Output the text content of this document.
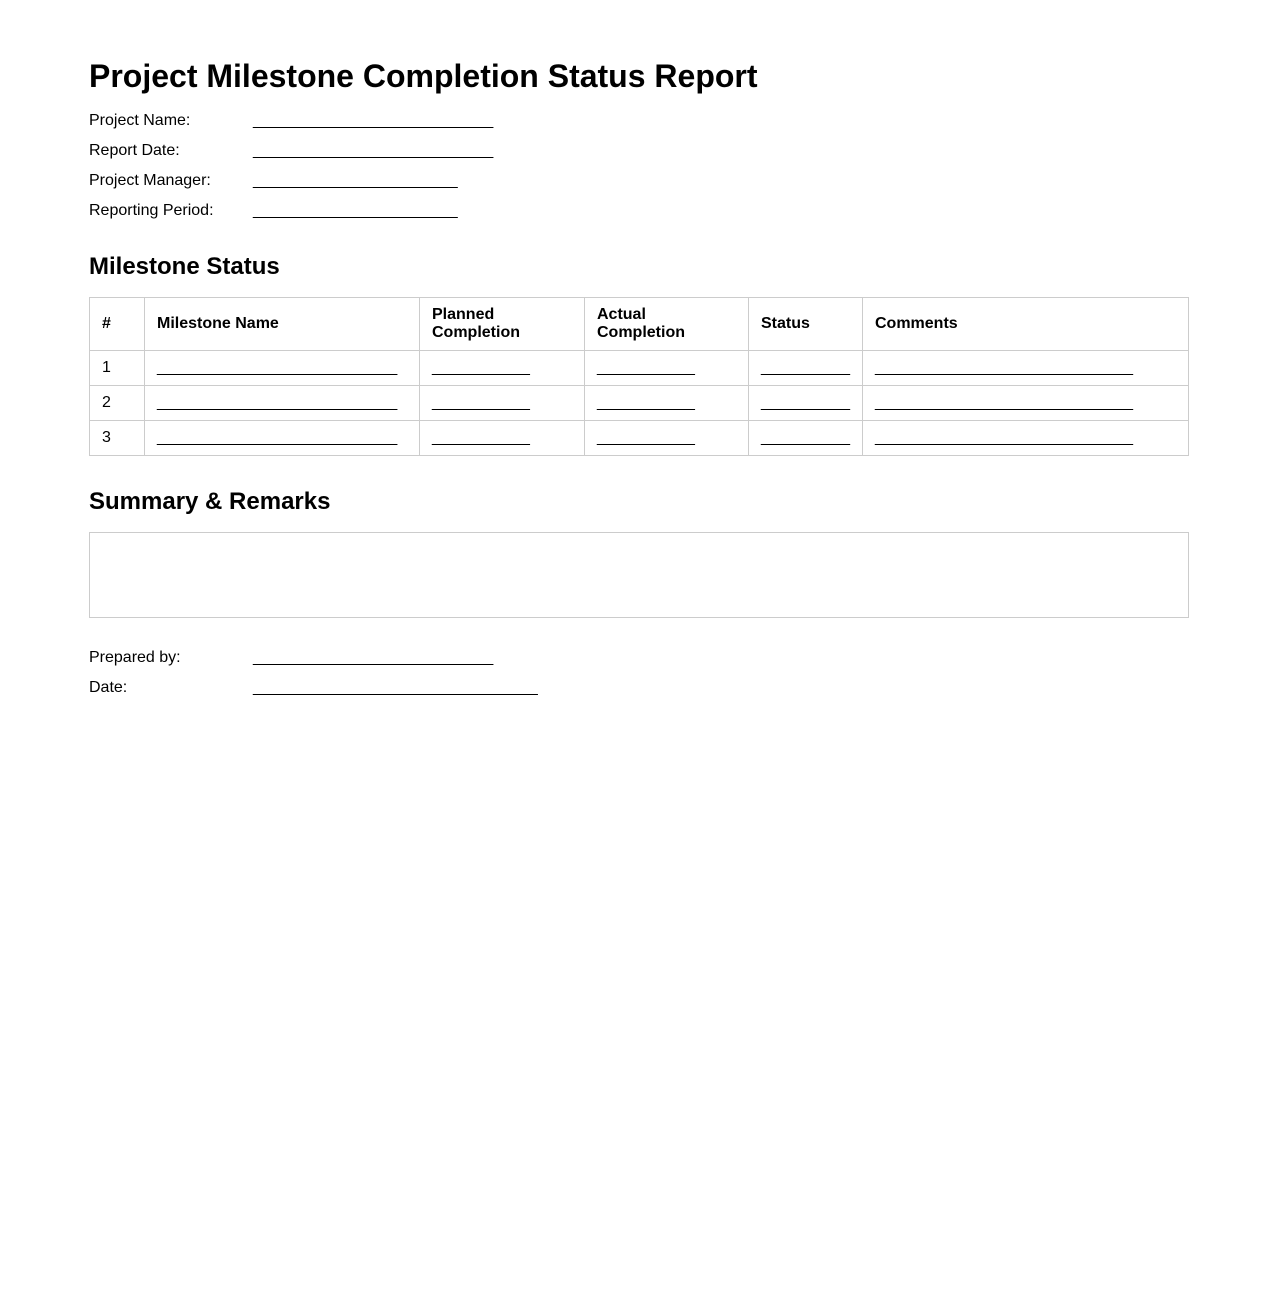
Project Milestone Completion Status Report
Project Name:	___________________________
Report Date:	___________________________
Project Manager:	_______________________
Reporting Period: _______________________
Milestone Status
#	Milestone Name	Planned Completion	Actual Completion	Status	Comments
1	___________________________	___________	___________	__________	_____________________________
2	___________________________	___________	___________	__________	_____________________________
3	___________________________	___________	___________	__________	_____________________________
Summary & Remarks
Prepared by:	___________________________
Date:	________________________________
